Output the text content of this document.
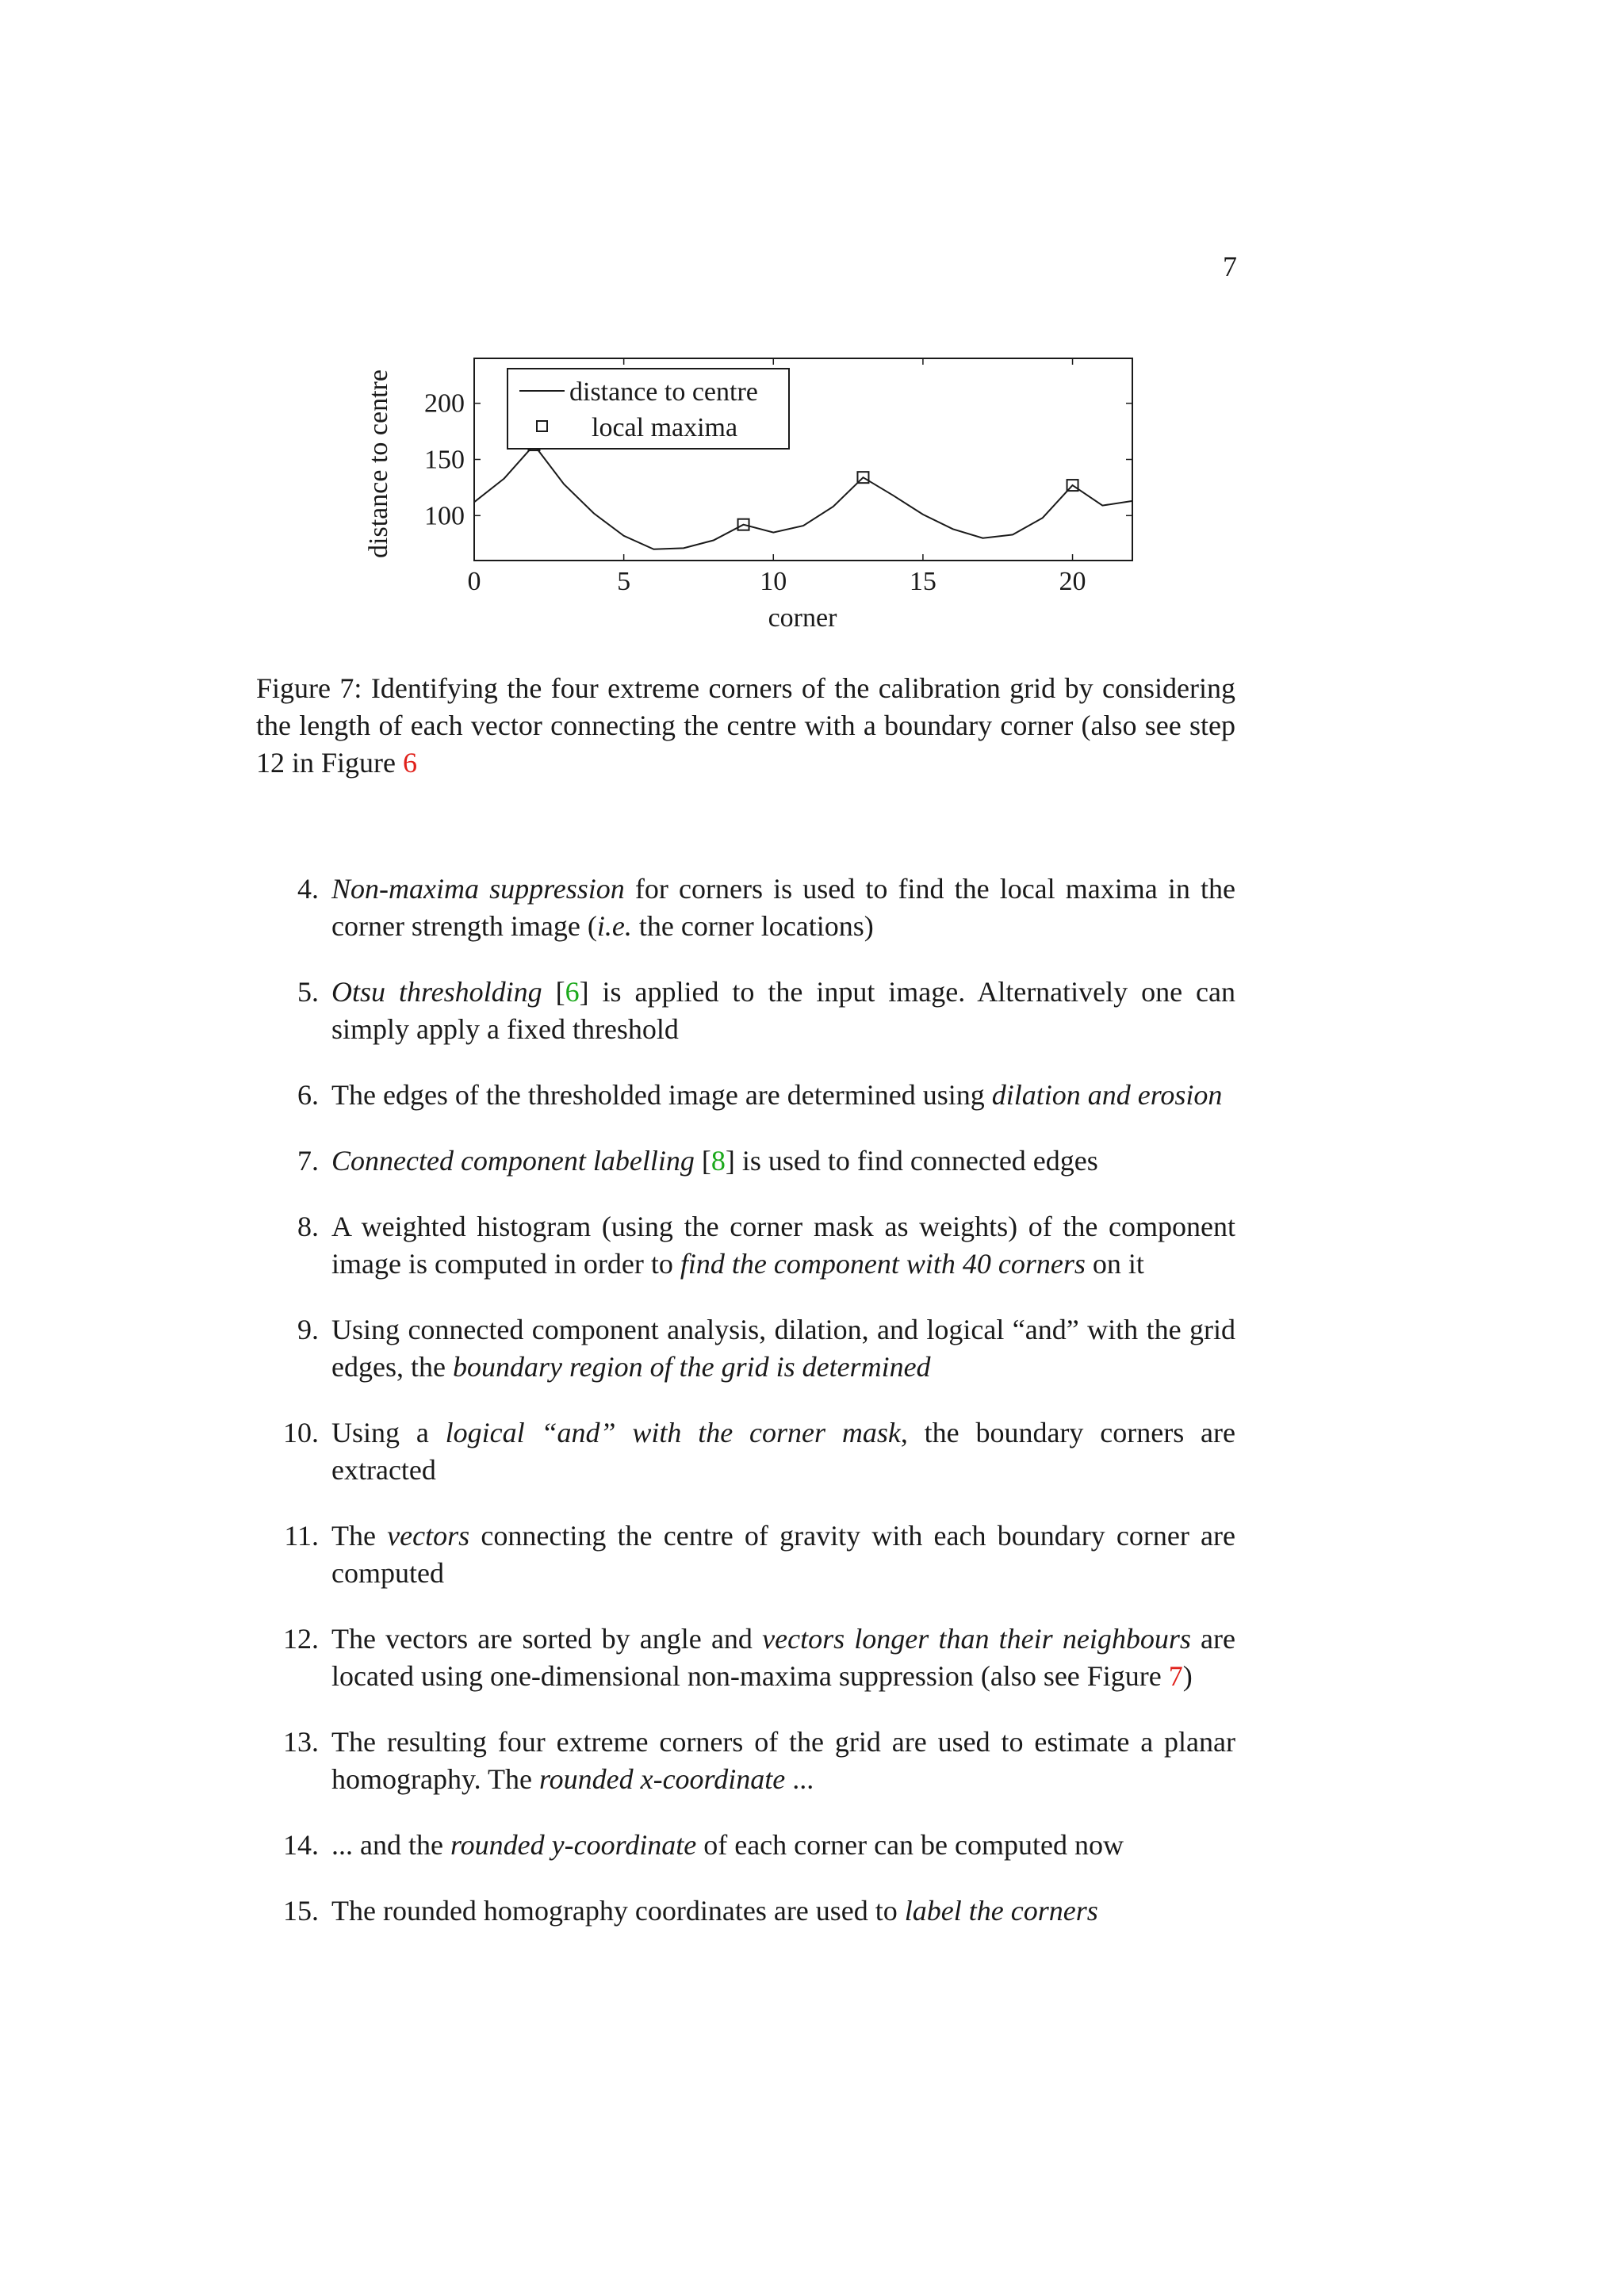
7
distance to centre
corner
0	5	10	15	20
100
150
200	distance to centre
local maxima
Figure 7: Identifying the four extreme corners of the calibration grid by considering the length of each vector connecting the centre with a boundary corner (also see step 12 in Figure 6
4. Non-maxima suppression for corners is used to find the local maxima in the corner strength image (i.e. the corner locations)
5. Otsu thresholding [6] is applied to the input image. Alternatively one can simply apply a fixed threshold
6. The edges of the thresholded image are determined using dilation and erosion
7. Connected component labelling [8] is used to find connected edges
8. A weighted histogram (using the corner mask as weights) of the component image is computed in order to find the component with 40 corners on it
9. Using connected component analysis, dilation, and logical “and” with the grid edges, the boundary region of the grid is determined
10. Using a logical “and” with the corner mask, the boundary corners are extracted
11. The vectors connecting the centre of gravity with each boundary corner are computed
12. The vectors are sorted by angle and vectors longer than their neighbours are located using one-dimensional non-maxima suppression (also see Figure 7)
13. The resulting four extreme corners of the grid are used to estimate a planar homography. The rounded x-coordinate ...
14. ... and the rounded y-coordinate of each corner can be computed now
15. The rounded homography coordinates are used to label the corners
